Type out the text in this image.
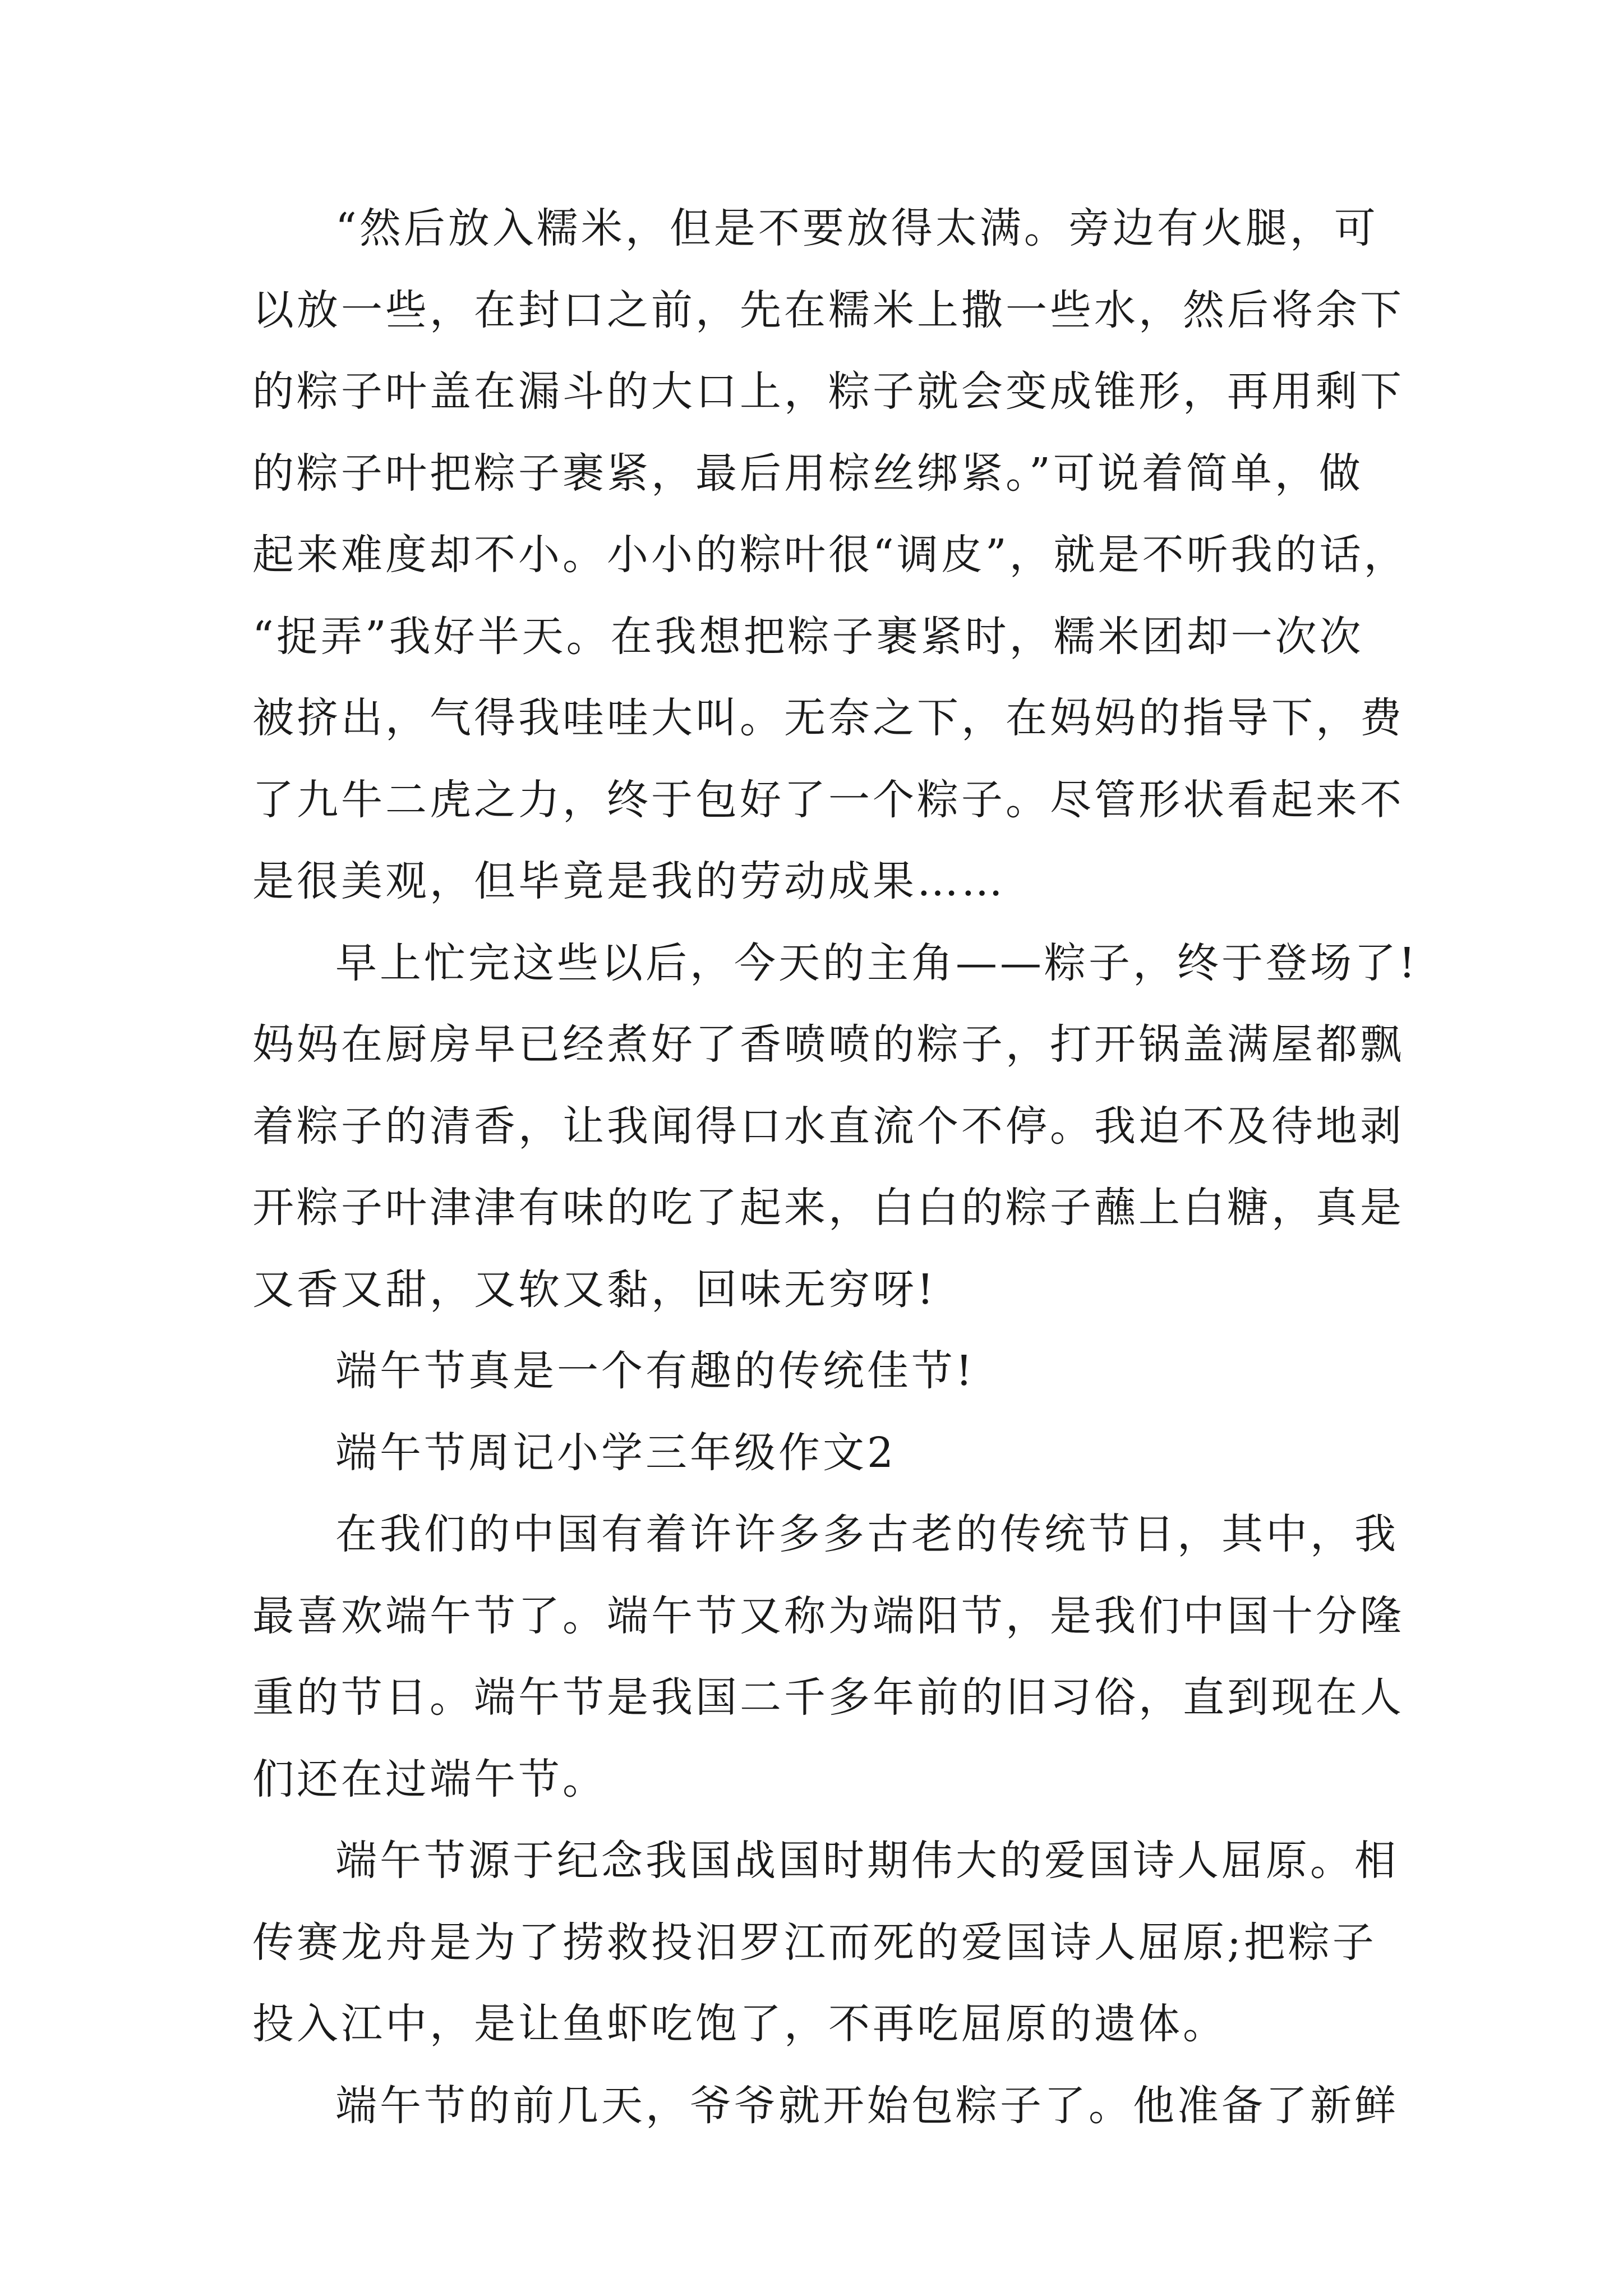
“然后放入糯米，但是不要放得太满。旁边有火腿，可
以放一些，在封口之前，先在糯米上撒一些水，然后将余下
的粽子叶盖在漏斗的大口上，粽子就会变成锥形，再用剩下
的粽子叶把粽子裹紧，最后用棕丝绑紧。”可说着简单，做
起来难度却不小。小小的粽叶很“调皮”，就是不听我的话，
“捉弄”我好半天。在我想把粽子裹紧时，糯米团却一次次
被挤出，气得我哇哇大叫。无奈之下，在妈妈的指导下，费
了九牛二虎之力，终于包好了一个粽子。尽管形状看起来不
是很美观，但毕竟是我的劳动成果……
早上忙完这些以后，今天的主角——粽子，终于登场了!
妈妈在厨房早已经煮好了香喷喷的粽子，打开锅盖满屋都飘
着粽子的清香，让我闻得口水直流个不停。我迫不及待地剥
开粽子叶津津有味的吃了起来，白白的粽子蘸上白糖，真是
又香又甜，又软又黏，回味无穷呀!
端午节真是一个有趣的传统佳节!
端午节周记小学三年级作文2
在我们的中国有着许许多多古老的传统节日，其中，我
最喜欢端午节了。端午节又称为端阳节，是我们中国十分隆
重的节日。端午节是我国二千多年前的旧习俗，直到现在人
们还在过端午节。
端午节源于纪念我国战国时期伟大的爱国诗人屈原。相
传赛龙舟是为了捞救投汨罗江而死的爱国诗人屈原;把粽子
投入江中，是让鱼虾吃饱了，不再吃屈原的遗体。
端午节的前几天，爷爷就开始包粽子了。他准备了新鲜
